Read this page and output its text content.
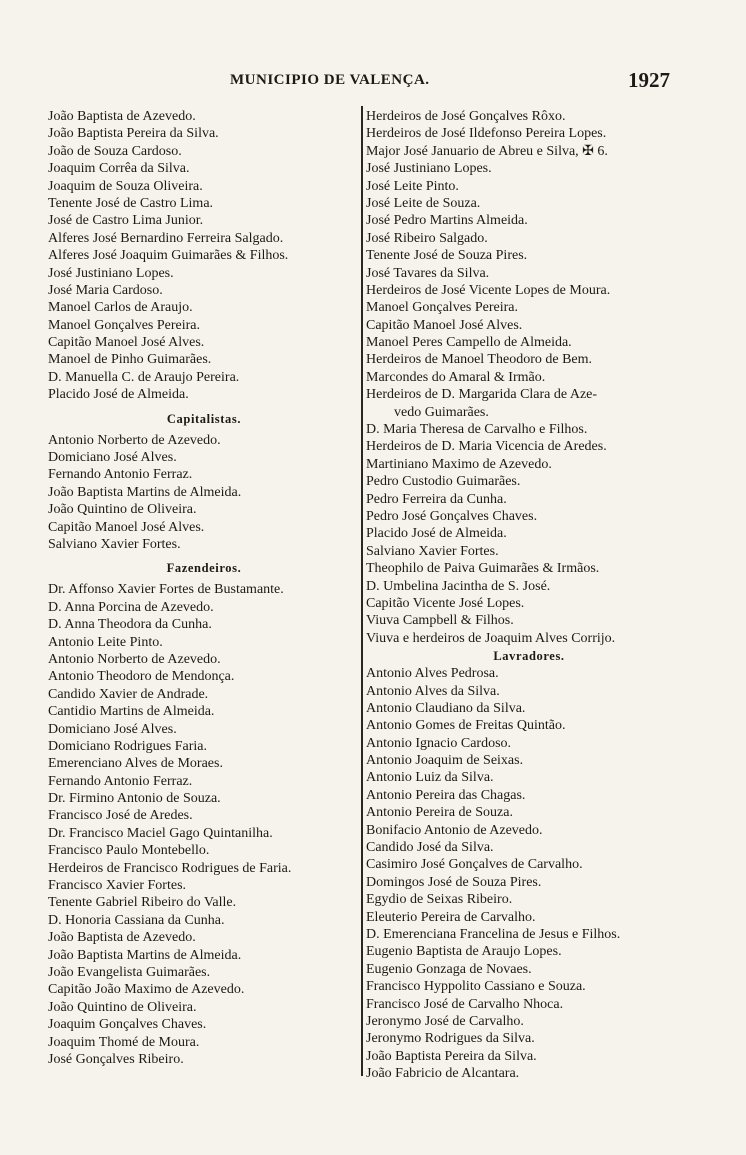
MUNICIPIO DE VALENÇA.	1927
João Baptista de Azevedo.
João Baptista Pereira da Silva.
João de Souza Cardoso.
Joaquim Corrêa da Silva.
Joaquim de Souza Oliveira.
Tenente José de Castro Lima.
José de Castro Lima Junior.
Alferes José Bernardino Ferreira Salgado.
Alferes José Joaquim Guimarães & Filhos.
José Justiniano Lopes.
José Maria Cardoso.
Manoel Carlos de Araujo.
Manoel Gonçalves Pereira.
Capitão Manoel José Alves.
Manoel de Pinho Guimarães.
D. Manuella C. de Araujo Pereira.
Placido José de Almeida.
Capitalistas.
Antonio Norberto de Azevedo.
Domiciano José Alves.
Fernando Antonio Ferraz.
João Baptista Martins de Almeida.
João Quintino de Oliveira.
Capitão Manoel José Alves.
Salviano Xavier Fortes.
Fazendeiros.
Dr. Affonso Xavier Fortes de Bustamante.
D. Anna Porcina de Azevedo.
D. Anna Theodora da Cunha.
Antonio Leite Pinto.
Antonio Norberto de Azevedo.
Antonio Theodoro de Mendonça.
Candido Xavier de Andrade.
Cantidio Martins de Almeida.
Domiciano José Alves.
Domiciano Rodrigues Faria.
Emerenciano Alves de Moraes.
Fernando Antonio Ferraz.
Dr. Firmino Antonio de Souza.
Francisco José de Aredes.
Dr. Francisco Maciel Gago Quintanilha.
Francisco Paulo Montebello.
Herdeiros de Francisco Rodrigues de Faria.
Francisco Xavier Fortes.
Tenente Gabriel Ribeiro do Valle.
D. Honoria Cassiana da Cunha.
João Baptista de Azevedo.
João Baptista Martins de Almeida.
João Evangelista Guimarães.
Capitão João Maximo de Azevedo.
João Quintino de Oliveira.
Joaquim Gonçalves Chaves.
Joaquim Thomé de Moura.
José Gonçalves Ribeiro.
Herdeiros de José Gonçalves Rôxo.
Herdeiros de José Ildefonso Pereira Lopes.
Major José Januario de Abreu e Silva, ✠ 6.
José Justiniano Lopes.
José Leite Pinto.
José Leite de Souza.
José Pedro Martins Almeida.
José Ribeiro Salgado.
Tenente José de Souza Pires.
José Tavares da Silva.
Herdeiros de José Vicente Lopes de Moura.
Manoel Gonçalves Pereira.
Capitão Manoel José Alves.
Manoel Peres Campello de Almeida.
Herdeiros de Manoel Theodoro de Bem.
Marcondes do Amaral & Irmão.
Herdeiros de D. Margarida Clara de Aze-
vedo Guimarães.
D. Maria Theresa de Carvalho e Filhos.
Herdeiros de D. Maria Vicencia de Aredes.
Martiniano Maximo de Azevedo.
Pedro Custodio Guimarães.
Pedro Ferreira da Cunha.
Pedro José Gonçalves Chaves.
Placido José de Almeida.
Salviano Xavier Fortes.
Theophilo de Paiva Guimarães & Irmãos.
D. Umbelina Jacintha de S. José.
Capitão Vicente José Lopes.
Viuva Campbell & Filhos.
Viuva e herdeiros de Joaquim Alves Corrijo.
Lavradores.
Antonio Alves Pedrosa.
Antonio Alves da Silva.
Antonio Claudiano da Silva.
Antonio Gomes de Freitas Quintão.
Antonio Ignacio Cardoso.
Antonio Joaquim de Seixas.
Antonio Luiz da Silva.
Antonio Pereira das Chagas.
Antonio Pereira de Souza.
Bonifacio Antonio de Azevedo.
Candido José da Silva.
Casimiro José Gonçalves de Carvalho.
Domingos José de Souza Pires.
Egydio de Seixas Ribeiro.
Eleuterio Pereira de Carvalho.
D. Emerenciana Francelina de Jesus e Filhos.
Eugenio Baptista de Araujo Lopes.
Eugenio Gonzaga de Novaes.
Francisco Hyppolito Cassiano e Souza.
Francisco José de Carvalho Nhoca.
Jeronymo José de Carvalho.
Jeronymo Rodrigues da Silva.
João Baptista Pereira da Silva.
João Fabricio de Alcantara.
